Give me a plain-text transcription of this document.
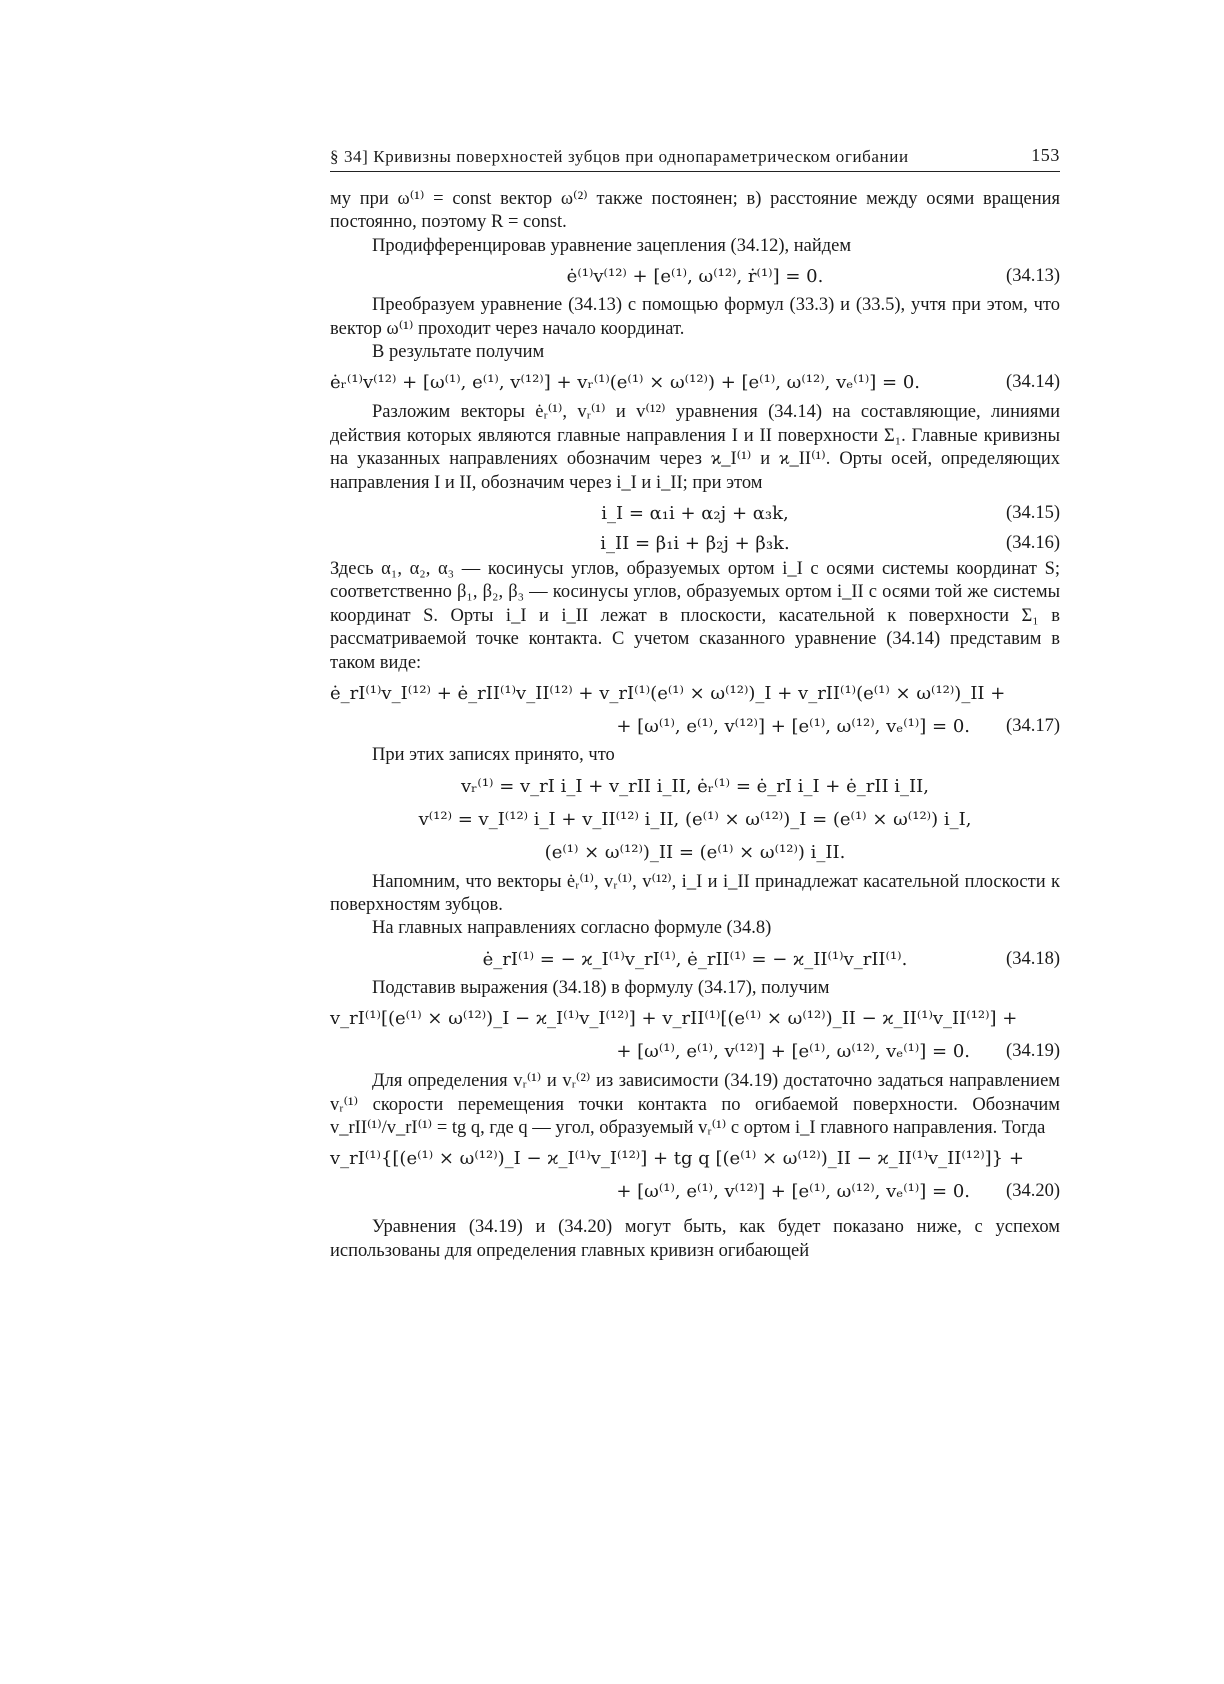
§ 34] Кривизны поверхностей зубцов при однопараметрическом огибании	153

му при ω⁽¹⁾ = const вектор ω⁽²⁾ также постоянен; в) расстояние между осями вращения постоянно, поэтому R = const.

Продифференцировав уравнение зацепления (34.12), найдем

ė⁽¹⁾v⁽¹²⁾ + [e⁽¹⁾, ω⁽¹²⁾, ṙ⁽¹⁾] = 0.	(34.13)

Преобразуем уравнение (34.13) с помощью формул (33.3) и (33.5), учтя при этом, что вектор ω⁽¹⁾ проходит через начало координат.

В результате получим

ėᵣ⁽¹⁾v⁽¹²⁾ + [ω⁽¹⁾, e⁽¹⁾, v⁽¹²⁾] + vᵣ⁽¹⁾(e⁽¹⁾ × ω⁽¹²⁾) + [e⁽¹⁾, ω⁽¹²⁾, vₑ⁽¹⁾] = 0.	(34.14)

Разложим векторы ėᵣ⁽¹⁾, vᵣ⁽¹⁾ и v⁽¹²⁾ уравнения (34.14) на составляющие, линиями действия которых являются главные направления I и II поверхности Σ₁. Главные кривизны на указанных направлениях обозначим через ϰ_I⁽¹⁾ и ϰ_II⁽¹⁾. Орты осей, определяющих направления I и II, обозначим через i_I и i_II; при этом

i_I = α₁i + α₂j + α₃k,	(34.15)
i_II = β₁i + β₂j + β₃k.	(34.16)

Здесь α₁, α₂, α₃ — косинусы углов, образуемых ортом i_I с осями системы координат S; соответственно β₁, β₂, β₃ — косинусы углов, образуемых ортом i_II с осями той же системы координат S. Орты i_I и i_II лежат в плоскости, касательной к поверхности Σ₁ в рассматриваемой точке контакта. С учетом сказанного уравнение (34.14) представим в таком виде:

ė_rI⁽¹⁾v_I⁽¹²⁾ + ė_rII⁽¹⁾v_II⁽¹²⁾ + v_rI⁽¹⁾(e⁽¹⁾ × ω⁽¹²⁾)_I + v_rII⁽¹⁾(e⁽¹⁾ × ω⁽¹²⁾)_II +
+ [ω⁽¹⁾, e⁽¹⁾, v⁽¹²⁾] + [e⁽¹⁾, ω⁽¹²⁾, vₑ⁽¹⁾] = 0. (34.17)

При этих записях принято, что

vᵣ⁽¹⁾ = v_rI i_I + v_rII i_II, ėᵣ⁽¹⁾ = ė_rI i_I + ė_rII i_II,
v⁽¹²⁾ = v_I⁽¹²⁾ i_I + v_II⁽¹²⁾ i_II, (e⁽¹⁾ × ω⁽¹²⁾)_I = (e⁽¹⁾ × ω⁽¹²⁾) i_I,
(e⁽¹⁾ × ω⁽¹²⁾)_II = (e⁽¹⁾ × ω⁽¹²⁾) i_II.

Напомним, что векторы ėᵣ⁽¹⁾, vᵣ⁽¹⁾, v⁽¹²⁾, i_I и i_II принадлежат касательной плоскости к поверхностям зубцов.

На главных направлениях согласно формуле (34.8)

ė_rI⁽¹⁾ = − ϰ_I⁽¹⁾v_rI⁽¹⁾, ė_rII⁽¹⁾ = − ϰ_II⁽¹⁾v_rII⁽¹⁾.	(34.18)

Подставив выражения (34.18) в формулу (34.17), получим

v_rI⁽¹⁾[(e⁽¹⁾ × ω⁽¹²⁾)_I − ϰ_I⁽¹⁾v_I⁽¹²⁾] + v_rII⁽¹⁾[(e⁽¹⁾ × ω⁽¹²⁾)_II − ϰ_II⁽¹⁾v_II⁽¹²⁾] +
+ [ω⁽¹⁾, e⁽¹⁾, v⁽¹²⁾] + [e⁽¹⁾, ω⁽¹²⁾, vₑ⁽¹⁾] = 0. (34.19)

Для определения vᵣ⁽¹⁾ и vᵣ⁽²⁾ из зависимости (34.19) достаточно задаться направлением vᵣ⁽¹⁾ скорости перемещения точки контакта по огибаемой поверхности. Обозначим v_rII⁽¹⁾/v_rI⁽¹⁾ = tg q, где q — угол, образуемый vᵣ⁽¹⁾ с ортом i_I главного направления. Тогда

v_rI⁽¹⁾{[(e⁽¹⁾ × ω⁽¹²⁾)_I − ϰ_I⁽¹⁾v_I⁽¹²⁾] + tg q [(e⁽¹⁾ × ω⁽¹²⁾)_II − ϰ_II⁽¹⁾v_II⁽¹²⁾]} +
+ [ω⁽¹⁾, e⁽¹⁾, v⁽¹²⁾] + [e⁽¹⁾, ω⁽¹²⁾, vₑ⁽¹⁾] = 0. (34.20)

Уравнения (34.19) и (34.20) могут быть, как будет показано ниже, с успехом использованы для определения главных кривизн огибающей
